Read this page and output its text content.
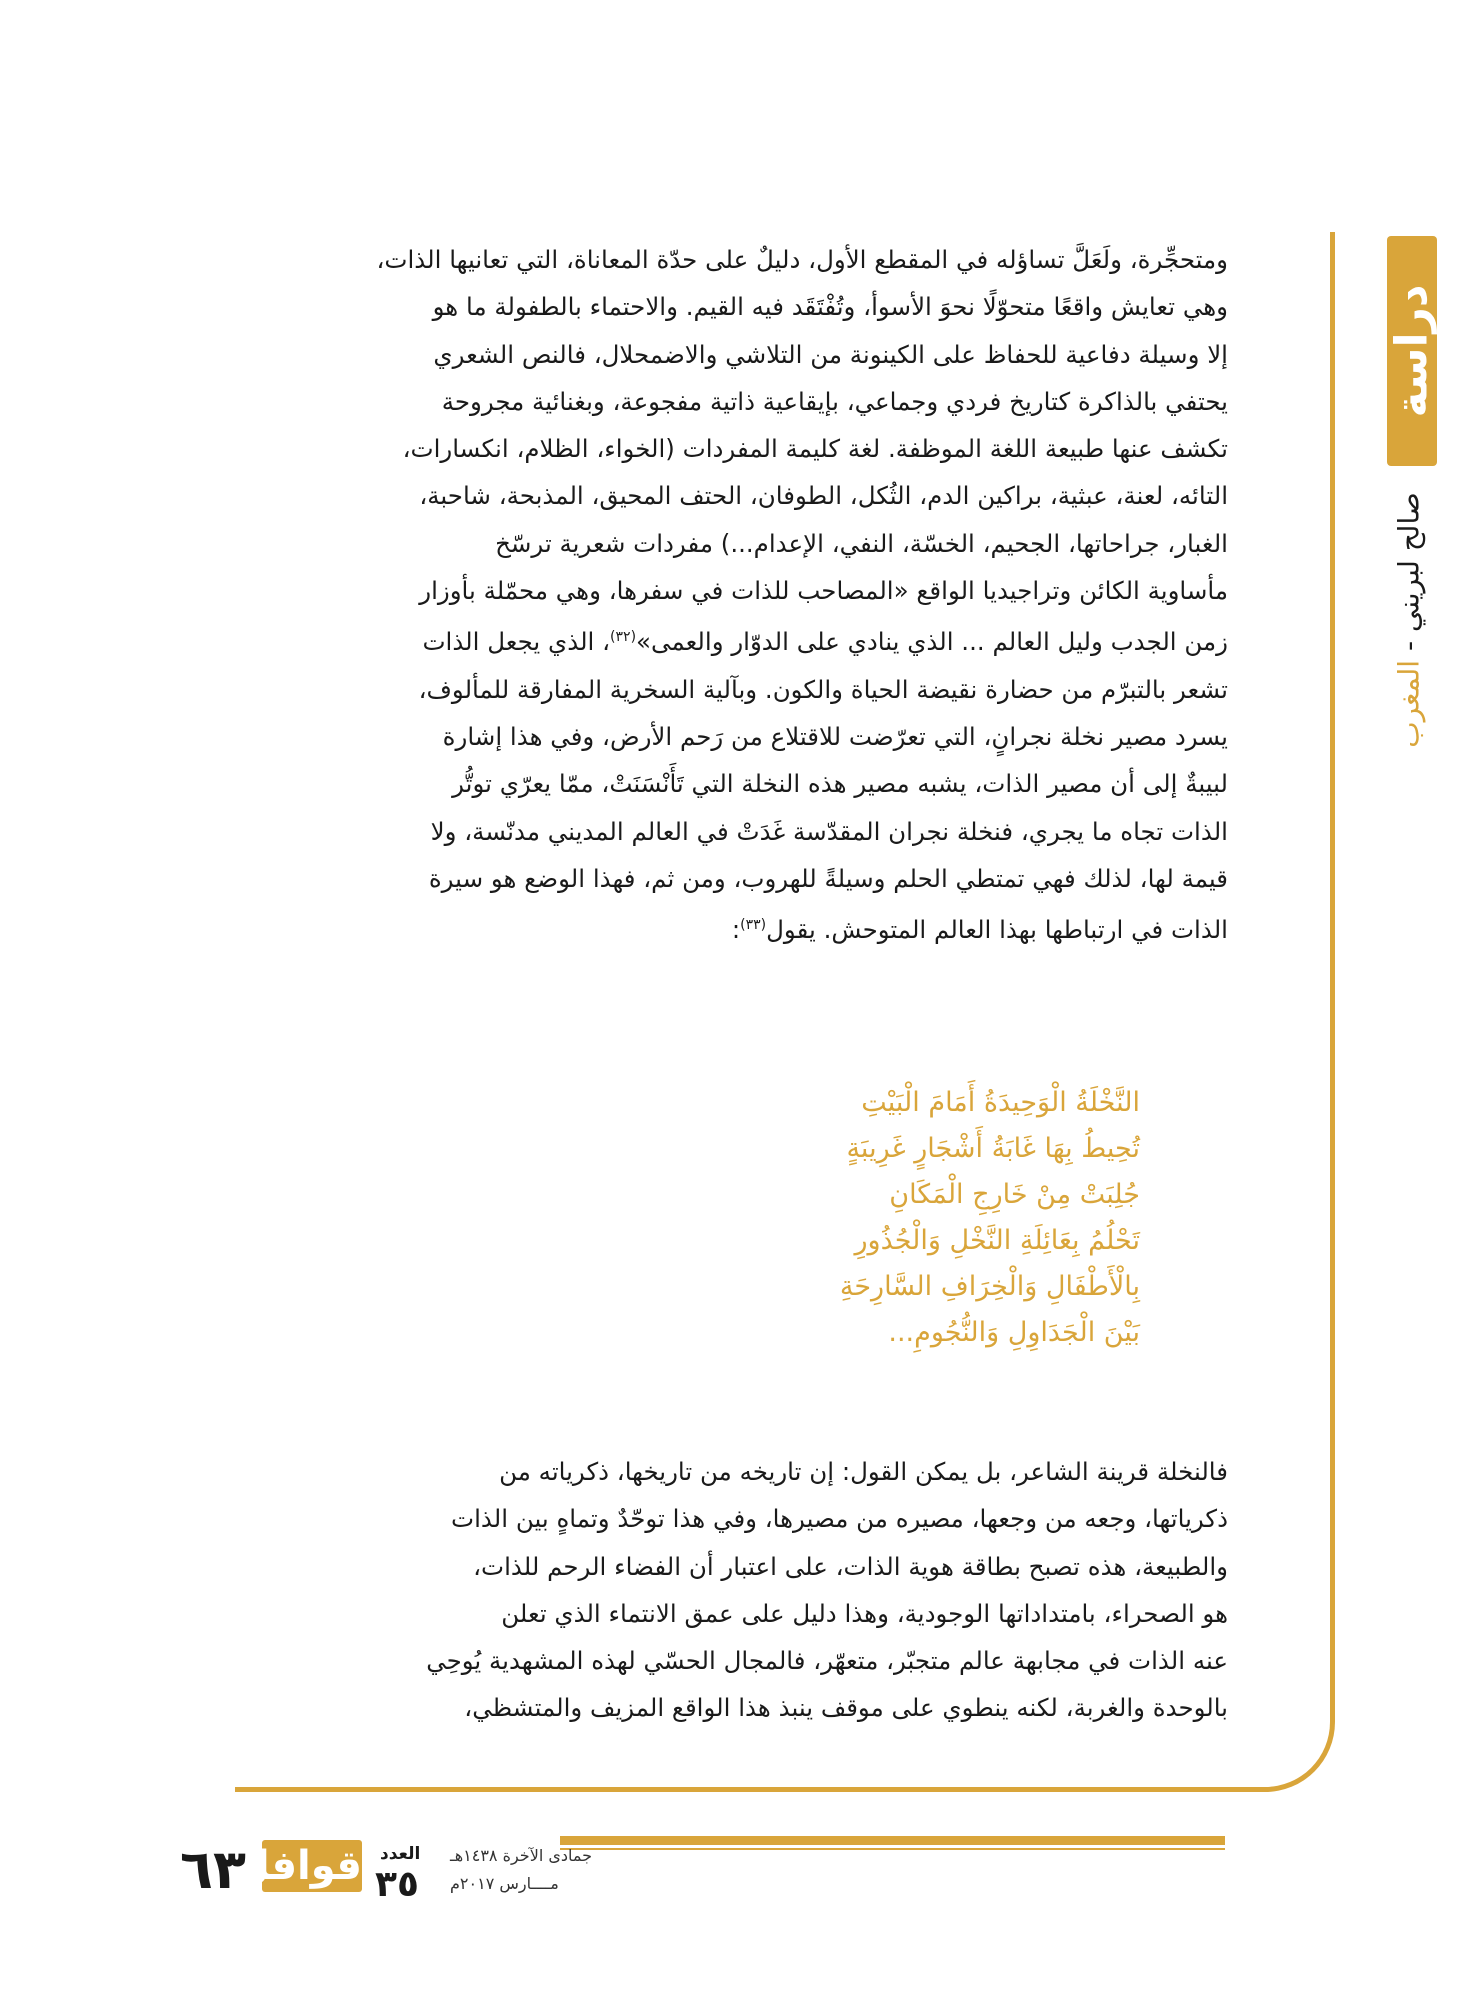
دراسة
صالح لبريني - المغرب

ومتحجِّرة، ولَعَلَّ تساؤله في المقطع الأول، دليلٌ على حدّة المعاناة، التي تعانيها الذات،

وهي تعايش واقعًا متحوّلًا نحوَ الأسوأ، وتُفْتَقَد فيه القيم. والاحتماء بالطفولة ما هو

إلا وسيلة دفاعية للحفاظ على الكينونة من التلاشي والاضمحلال، فالنص الشعري

يحتفي بالذاكرة كتاريخ فردي وجماعي، بإيقاعية ذاتية مفجوعة، وبغنائية مجروحة

تكشف عنها طبيعة اللغة الموظفة. لغة كليمة المفردات (الخواء، الظلام، انكسارات،

التائه، لعنة، عبثية، براكين الدم، الثُكل، الطوفان، الحتف المحيق، المذبحة، شاحبة،

الغبار، جراحاتها، الجحيم، الخسّة، النفي، الإعدام...) مفردات شعرية ترسّخ

مأساوية الكائن وتراجيديا الواقع «المصاحب للذات في سفرها، وهي محمّلة بأوزار

زمن الجدب وليل العالم ... الذي ينادي على الدوّار والعمى»$^{(٣٢)}$، الذي يجعل الذات

تشعر بالتبرّم من حضارة نقيضة الحياة والكون. وبآلية السخرية المفارقة للمألوف،

يسرد مصير نخلة نجرانٍ، التي تعرّضت للاقتلاع من رَحم الأرض، وفي هذا إشارة

لبيبةٌ إلى أن مصير الذات، يشبه مصير هذه النخلة التي تَأَنْسَنَتْ، ممّا يعرّي توتُّر

الذات تجاه ما يجري، فنخلة نجران المقدّسة غَدَتْ في العالم المديني مدنّسة، ولا

قيمة لها، لذلك فهي تمتطي الحلم وسيلةً للهروب، ومن ثم، فهذا الوضع هو سيرة

الذات في ارتباطها بهذا العالم المتوحش. يقول$^{(٣٣)}$:

النَّخْلَةُ الْوَحِيدَةُ أَمَامَ الْبَيْتِ
تُحِيطُ بِهَا غَابَةُ أَشْجَارٍ غَرِيبَةٍ
جُلِبَتْ مِنْ خَارِجِ الْمَكَانِ
تَحْلُمُ بِعَائِلَةِ النَّخْلِ وَالْجُذُورِ
بِالْأَطْفَالِ وَالْخِرَافِ السَّارِحَةِ
بَيْنَ الْجَدَاوِلِ وَالنُّجُومِ...

فالنخلة قرينة الشاعر، بل يمكن القول: إن تاريخه من تاريخها، ذكرياته من

ذكرياتها، وجعه من وجعها، مصيره من مصيرها، وفي هذا توحّدٌ وتماهٍ بين الذات

والطبيعة، هذه تصبح بطاقة هوية الذات، على اعتبار أن الفضاء الرحم للذات،

هو الصحراء، بامتداداتها الوجودية، وهذا دليل على عمق الانتماء الذي تعلن

عنه الذات في مجابهة عالم متجبّر، متعهّر، فالمجال الحسّي لهذه المشهدية يُوحِي

بالوحدة والغربة، لكنه ينطوي على موقف ينبذ هذا الواقع المزيف والمتشظي،

٦٣
قوافل العدد
٣٥
جمادى الآخرة ١٤٣٨هـ
مــــارس ٢٠١٧م
